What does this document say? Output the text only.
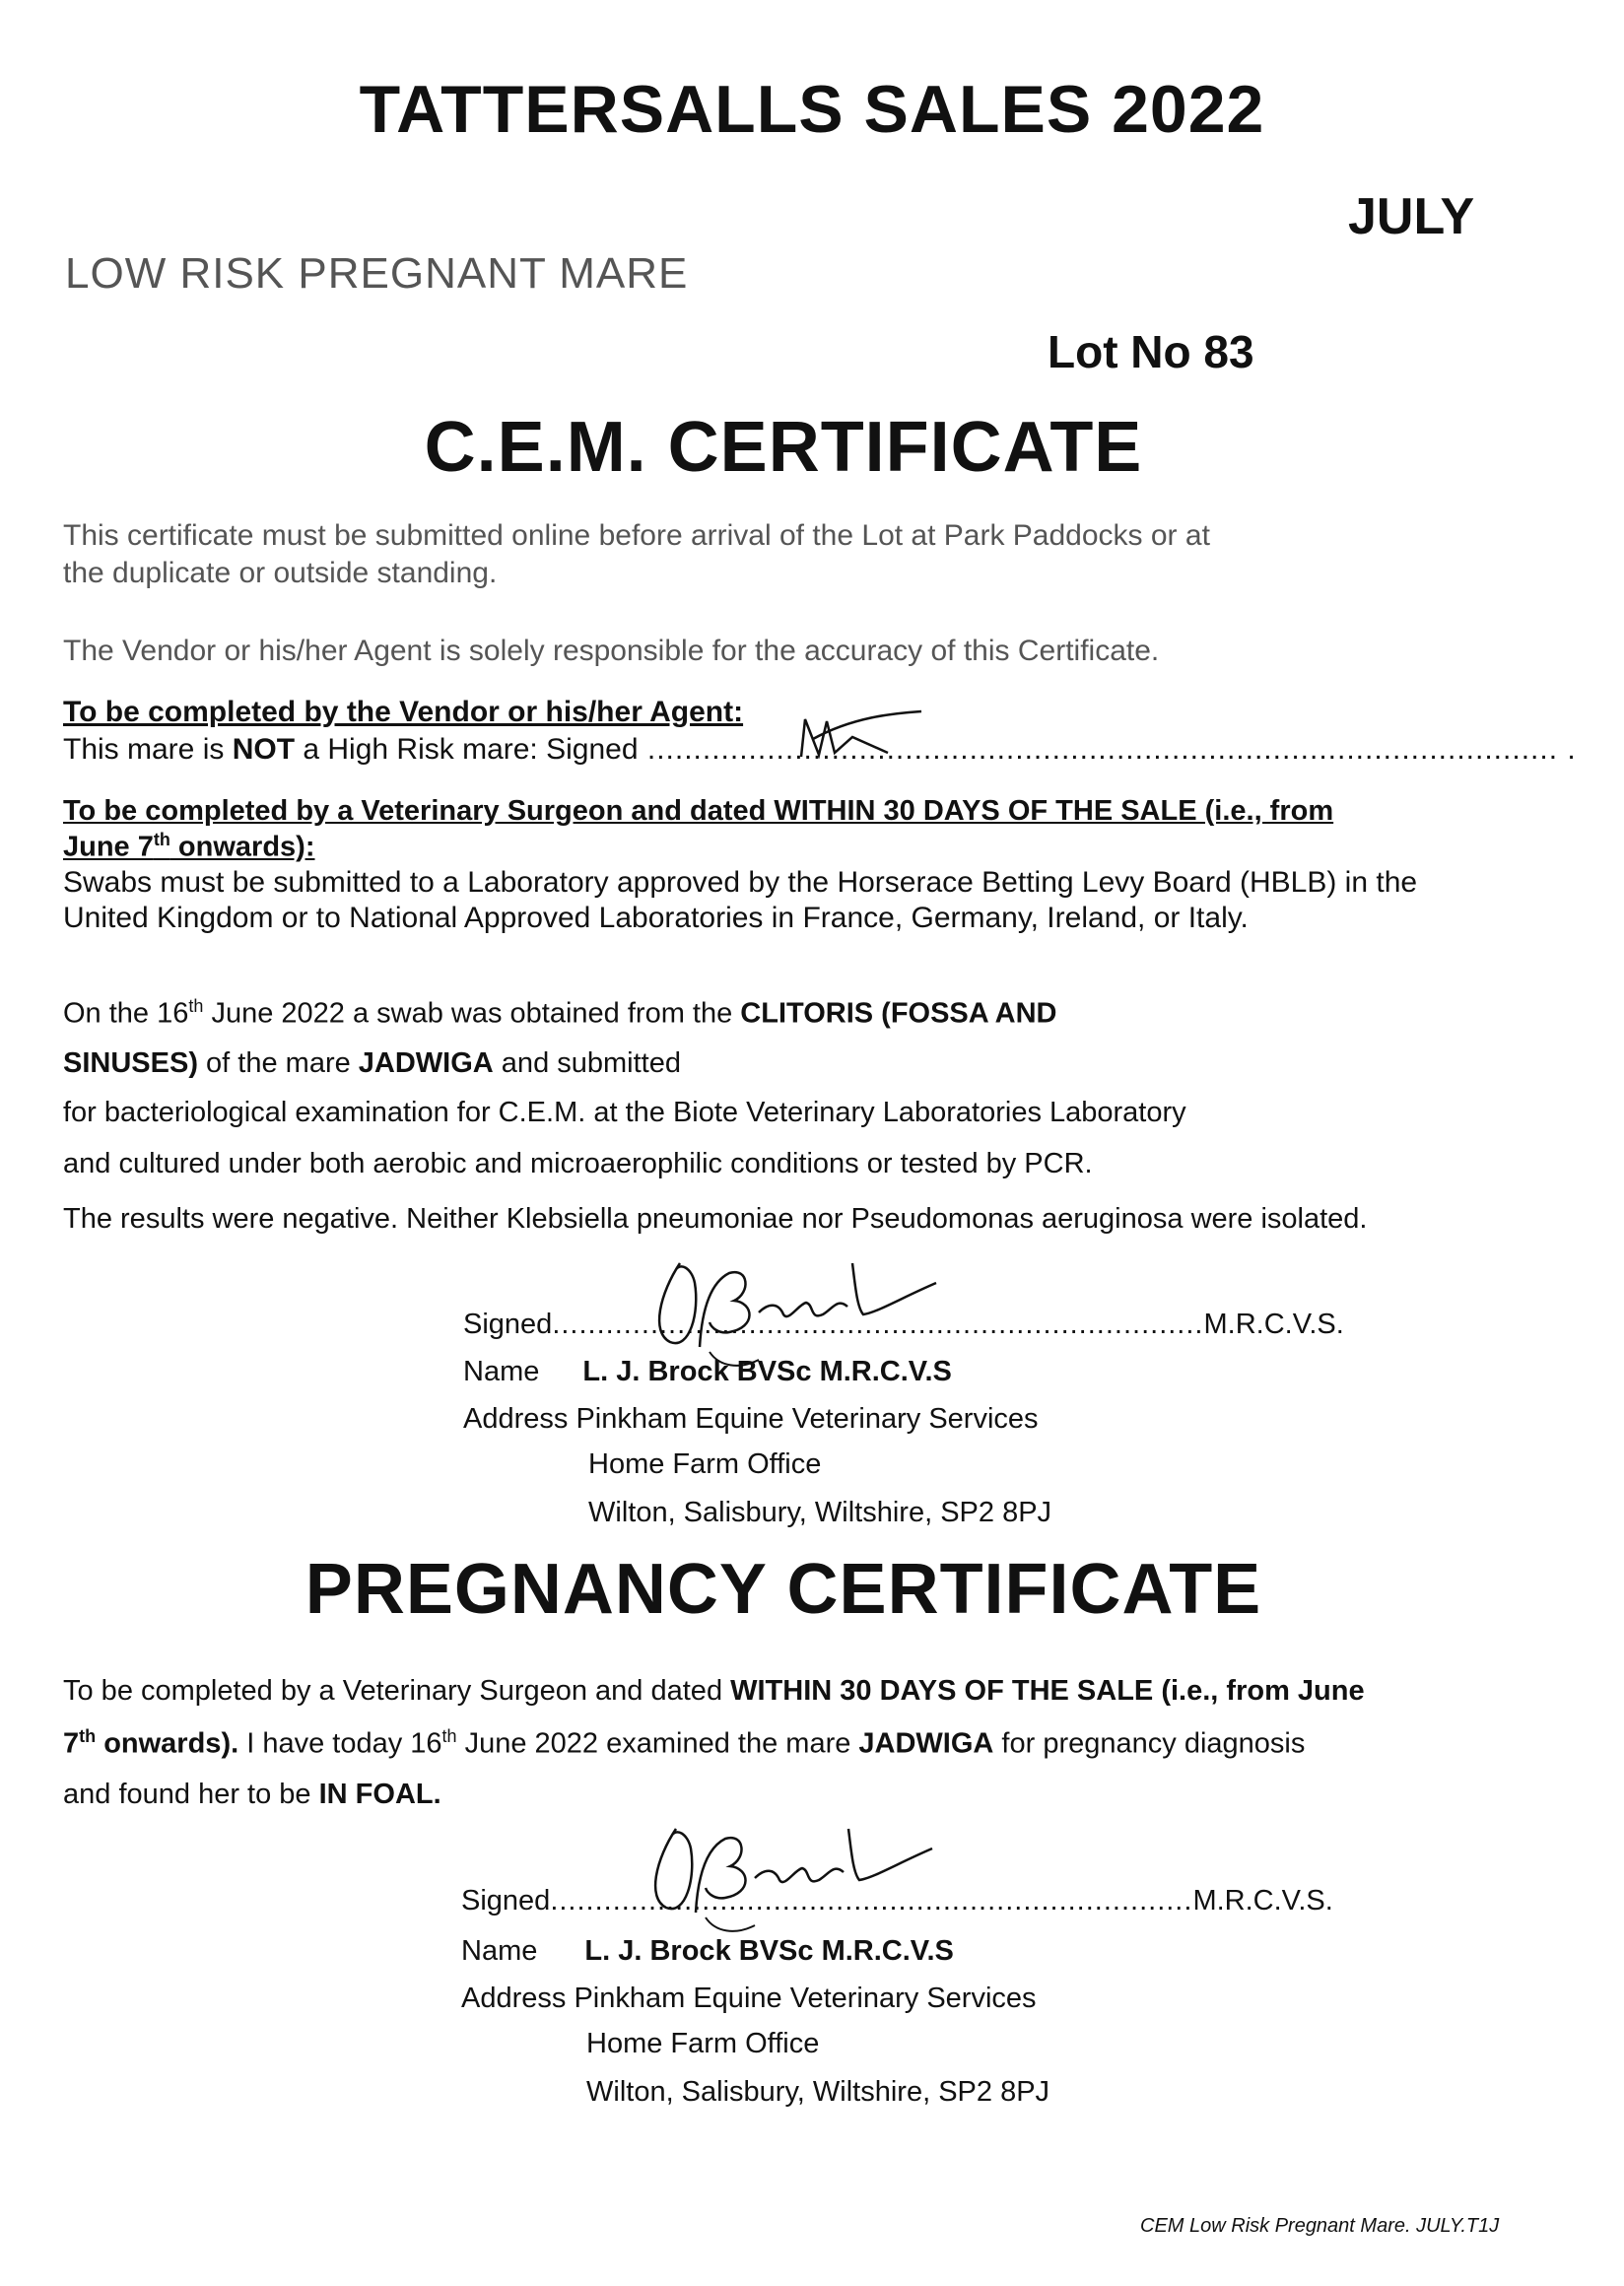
TATTERSALLS SALES 2022
JULY
LOW RISK PREGNANT MARE
Lot No 83
C.E.M. CERTIFICATE
This certificate must be submitted online before arrival of the Lot at Park Paddocks or at
the duplicate or outside standing.
The Vendor or his/her Agent is solely responsible for the accuracy of this Certificate.
To be completed by the Vendor or his/her Agent:
This mare is NOT a High Risk mare: Signed ................................................................................................... .
To be completed by a Veterinary Surgeon and dated WITHIN 30 DAYS OF THE SALE (i.e., from
June 7th onwards):
Swabs must be submitted to a Laboratory approved by the Horserace Betting Levy Board (HBLB) in the
United Kingdom or to National Approved Laboratories in France, Germany, Ireland, or Italy.
On the 16th June 2022 a swab was obtained from the CLITORIS (FOSSA AND
SINUSES) of the mare JADWIGA and submitted
for bacteriological examination for C.E.M. at the Biote Veterinary Laboratories Laboratory
and cultured under both aerobic and microaerophilic conditions or tested by PCR.
The results were negative. Neither Klebsiella pneumoniae nor Pseudomonas aeruginosa were isolated.
Signed.........................................................................M.R.C.V.S.
Name L. J. Brock BVSc M.R.C.V.S
Address Pinkham Equine Veterinary Services
Home Farm Office
Wilton, Salisbury, Wiltshire, SP2 8PJ
PREGNANCY CERTIFICATE
To be completed by a Veterinary Surgeon and dated WITHIN 30 DAYS OF THE SALE (i.e., from June
7th onwards). I have today 16th June 2022 examined the mare JADWIGA for pregnancy diagnosis
and found her to be IN FOAL.
Signed........................................................................M.R.C.V.S.
Name L. J. Brock BVSc M.R.C.V.S
Address Pinkham Equine Veterinary Services
Home Farm Office
Wilton, Salisbury, Wiltshire, SP2 8PJ
CEM Low Risk Pregnant Mare. JULY.T1J
